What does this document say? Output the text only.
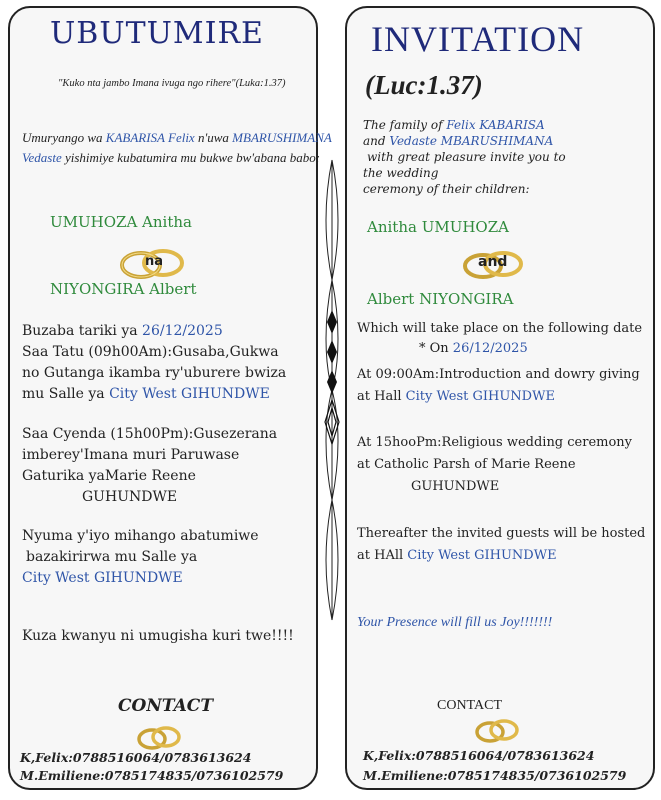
UBUTUMIRE
"Kuko nta jambo Imana ivuga ngo rihere"(Luka:1.37)
Umuryango wa KABARISA Felix n'uwa MBARUSHIMANA
Vedaste yishimiye kubatumira mu bukwe bw'abana babo:
UMUHOZA Anitha
na
NIYONGIRA Albert
Buzaba tariki ya 26/12/2025
Saa Tatu (09h00Am):Gusaba,Gukwa
no Gutanga ikamba ry'uburere bwiza
mu Salle ya City West GIHUNDWE
Saa Cyenda (15h00Pm):Gusezerana
imberey'Imana muri Paruwase
Gaturika yaMarie Reene
GUHUNDWE
Nyuma y'iyo mihango abatumiwe
bazakirirwa mu Salle ya
City West GIHUNDWE
Kuza kwanyu ni umugisha kuri twe!!!!
CONTACT
K,Felix:0788516064/0783613624
M.Emiliene:0785174835/0736102579
INVITATION
(Luc:1.37)
The family of Felix KABARISA
and Vedaste MBARUSHIMANA
with great pleasure invite you to
the wedding
ceremony of their children:
Anitha UMUHOZA
and
Albert NIYONGIRA
Which will take place on the following date
* On 26/12/2025
At 09:00Am:Introduction and dowry giving
at Hall City West GIHUNDWE
At 15hooPm:Religious wedding ceremony
at Catholic Parsh of Marie Reene
GUHUNDWE
Thereafter the invited guests will be hosted
at HAll City West GIHUNDWE
Your Presence will fill us Joy!!!!!!!
CONTACT
K,Felix:0788516064/0783613624
M.Emiliene:0785174835/0736102579
